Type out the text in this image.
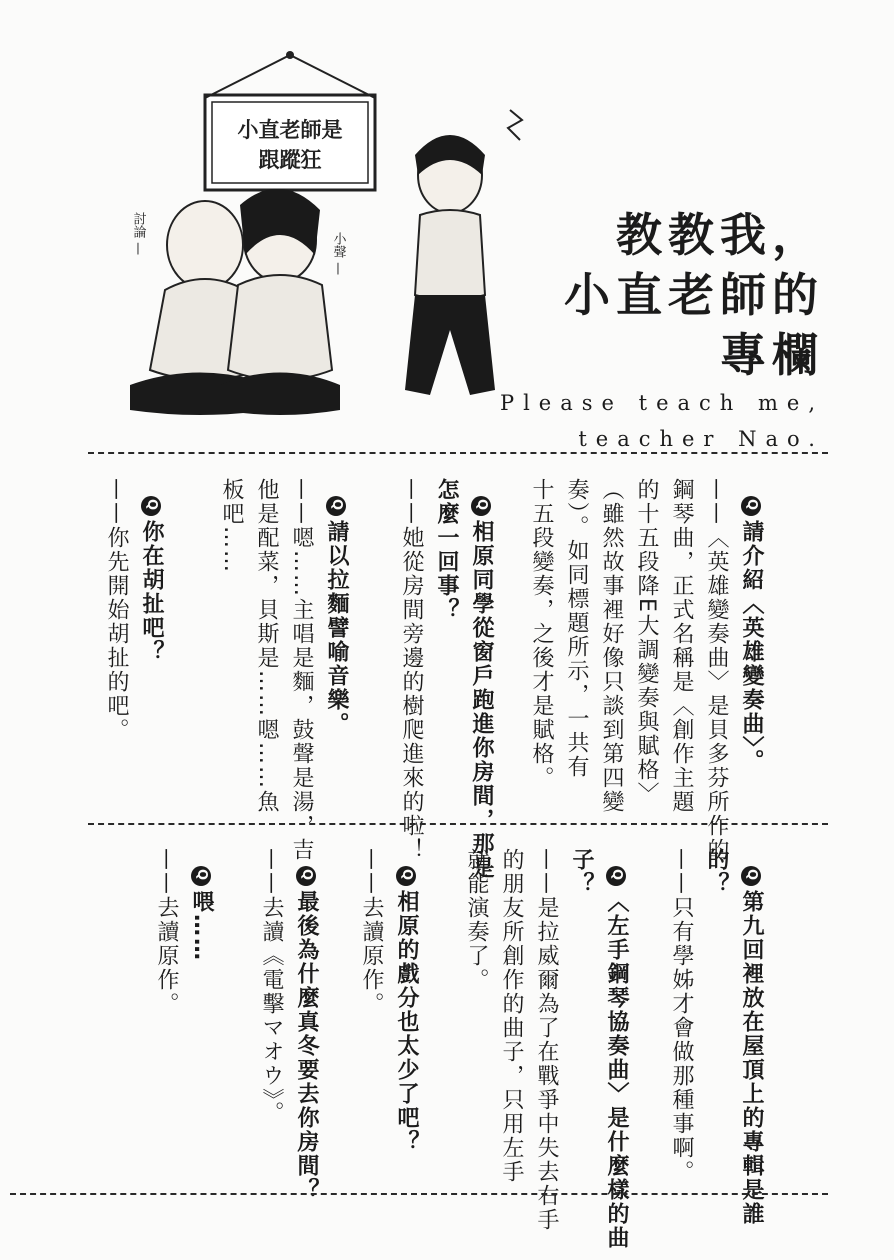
小直老師是
跟蹤狂
討論 —	小聲 —	教教我，
小直老師的
專欄
Please teach me,
teacher Nao.

Q請介紹〈英雄變奏曲〉。
——〈英雄變奏曲〉是貝多芬所作的
鋼琴曲，正式名稱是〈創作主題
的十五段降E大調變奏與賦格〉
（雖然故事裡好像只談到第四變
奏）。如同標題所示，一共有
十五段變奏，之後才是賦格。

Q相原同學從窗戶跑進你房間，那是
怎麼一回事？
——她從房間旁邊的樹爬進來的啦！

Q請以拉麵譬喻音樂。
——嗯……主唱是麵，鼓聲是湯，吉
他是配菜，貝斯是……嗯……魚
板吧……

Q你在胡扯吧？
——你先開始胡扯的吧。

Q第九回裡放在屋頂上的專輯是誰
的？
——只有學姊才會做那種事啊。

Q〈左手鋼琴協奏曲〉是什麼樣的曲
子？
——是拉威爾為了在戰爭中失去右手
的朋友所創作的曲子，只用左手
就能演奏了。

Q相原的戲分也太少了吧？
——去讀原作。

Q最後為什麼真冬要去你房間？
——去讀《電擊マオウ》。

Q喂……
——去讀原作。
